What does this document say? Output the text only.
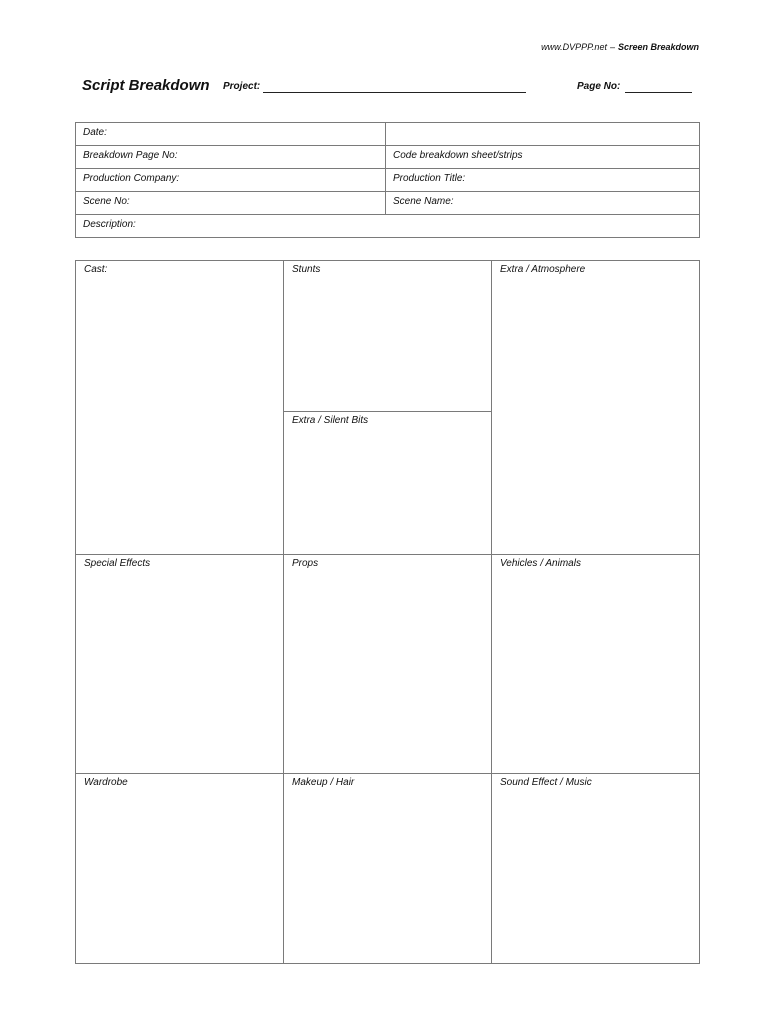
www.DVPPP.net – Screen Breakdown
Script Breakdown Project:	Page No:
Date:	
Breakdown Page No:	Code breakdown sheet/strips
Production Company:	Production Title:
Scene No:	Scene Name:
Description:	
Cast:	Stunts	Extra / Atmosphere
	Extra / Silent Bits	
Special Effects	Props	Vehicles / Animals
Wardrobe	Makeup / Hair	Sound Effect / Music
